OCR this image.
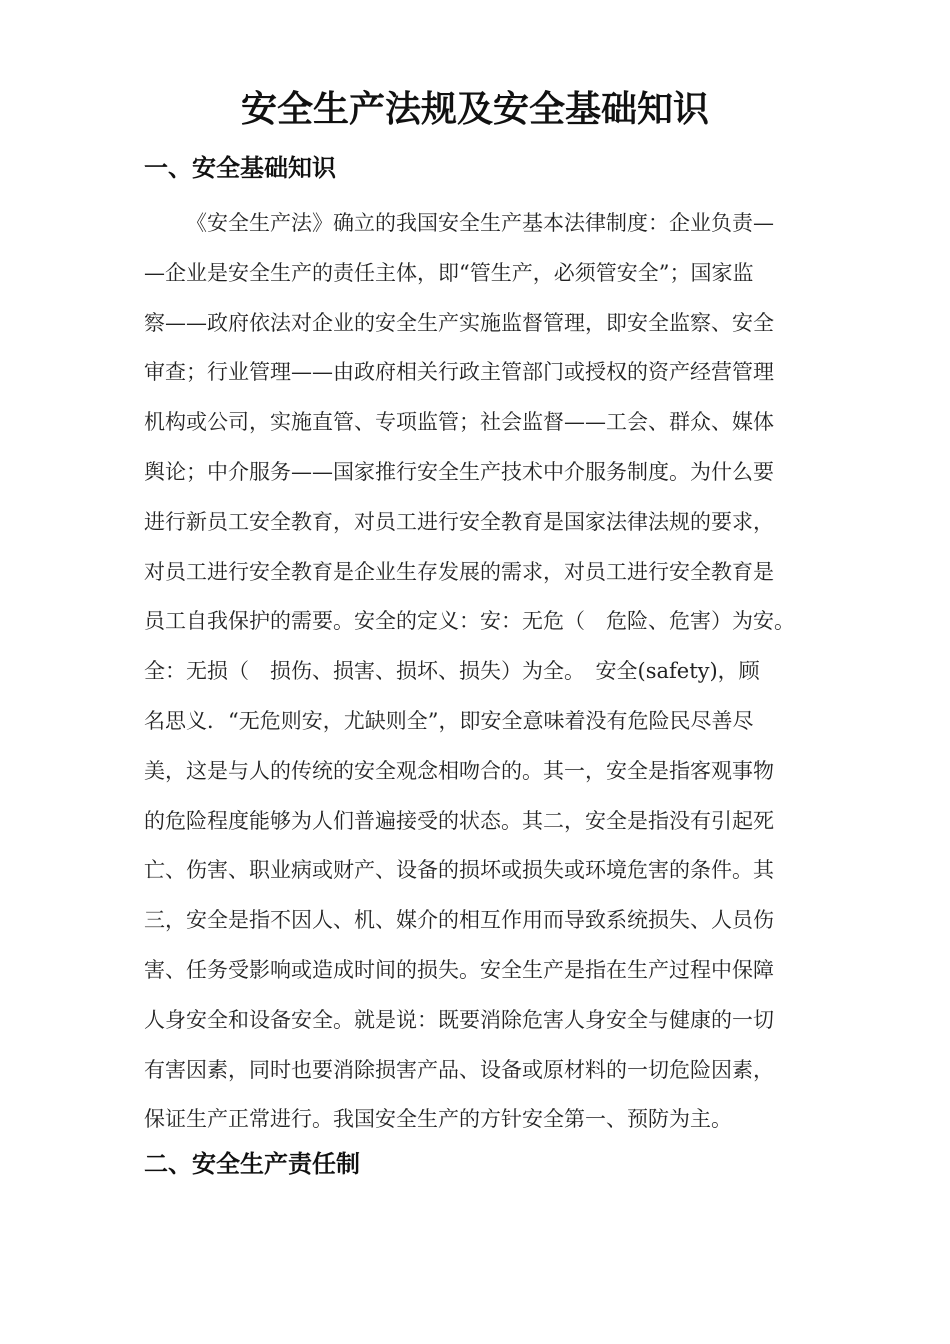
安全生产法规及安全基础知识
一、安全基础知识
《安全生产法》确立的我国安全生产基本法律制度：企业负责—
—企业是安全生产的责任主体，即“管生产，必须管安全”；国家监
察——政府依法对企业的安全生产实施监督管理，即安全监察、安全
审查；行业管理——由政府相关行政主管部门或授权的资产经营管理
机构或公司，实施直管、专项监管；社会监督——工会、群众、媒体
舆论；中介服务——国家推行安全生产技术中介服务制度。为什么要
进行新员工安全教育，对员工进行安全教育是国家法律法规的要求，
对员工进行安全教育是企业生存发展的需求，对员工进行安全教育是
员工自我保护的需要。安全的定义：安：无危（　危险、危害）为安。
全：无损（　损伤、损害、损坏、损失）为全。　安全(safety)，顾
名思义．“无危则安，尤缺则全”，即安全意味着没有危险民尽善尽
美，这是与人的传统的安全观念相吻合的。其一，安全是指客观事物
的危险程度能够为人们普遍接受的状态。其二，安全是指没有引起死
亡、伤害、职业病或财产、设备的损坏或损失或环境危害的条件。其
三，安全是指不因人、机、媒介的相互作用而导致系统损失、人员伤
害、任务受影响或造成时间的损失。安全生产是指在生产过程中保障
人身安全和设备安全。就是说：既要消除危害人身安全与健康的一切
有害因素，同时也要消除损害产品、设备或原材料的一切危险因素，
保证生产正常进行。我国安全生产的方针安全第一、预防为主。
二、安全生产责任制
